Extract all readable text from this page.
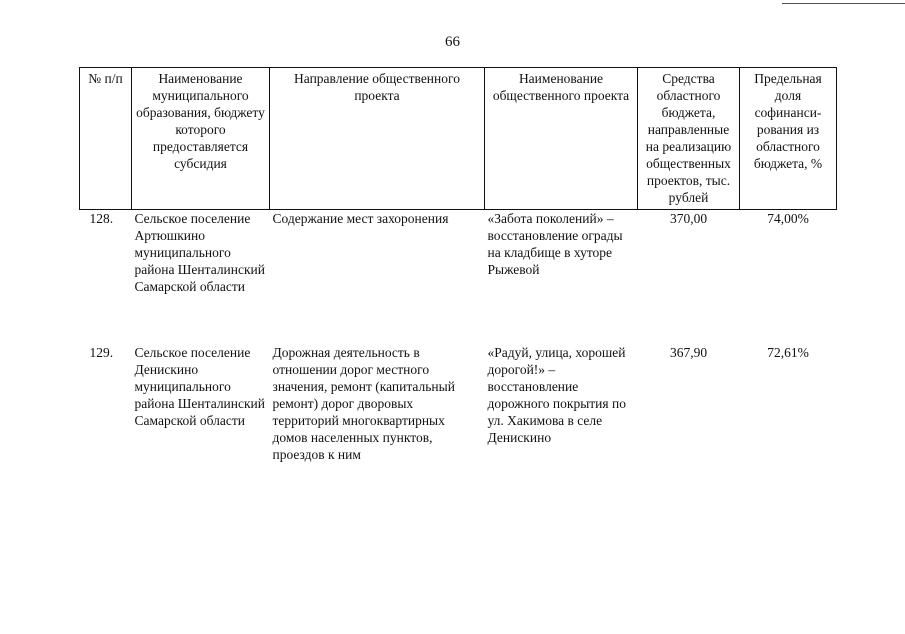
66
№ п/п	Наименование муниципального образования, бюджету которого предоставляется субсидия	Направление общественного проекта	Наименование общественного проекта	Средства областного бюджета, направленные на реализацию общественных проектов, тыс. рублей	Предельная доля софинанси-рования из областного бюджета, %
128.	Сельское поселение Артюшкино муниципального района Шенталинский Самарской области	Содержание мест захоронения	«Забота поколений» – восстановление ограды на кладбище в хуторе Рыжевой	370,00	74,00%
129.	Сельское поселение Денискино муниципального района Шенталинский Самарской области	Дорожная деятельность в отношении дорог местного значения, ремонт (капитальный ремонт) дорог дворовых территорий многоквартирных домов населенных пунктов, проездов к ним	«Радуй, улица, хорошей дорогой!» – восстановление дорожного покрытия по ул. Хакимова в селе Денискино	367,90	72,61%
